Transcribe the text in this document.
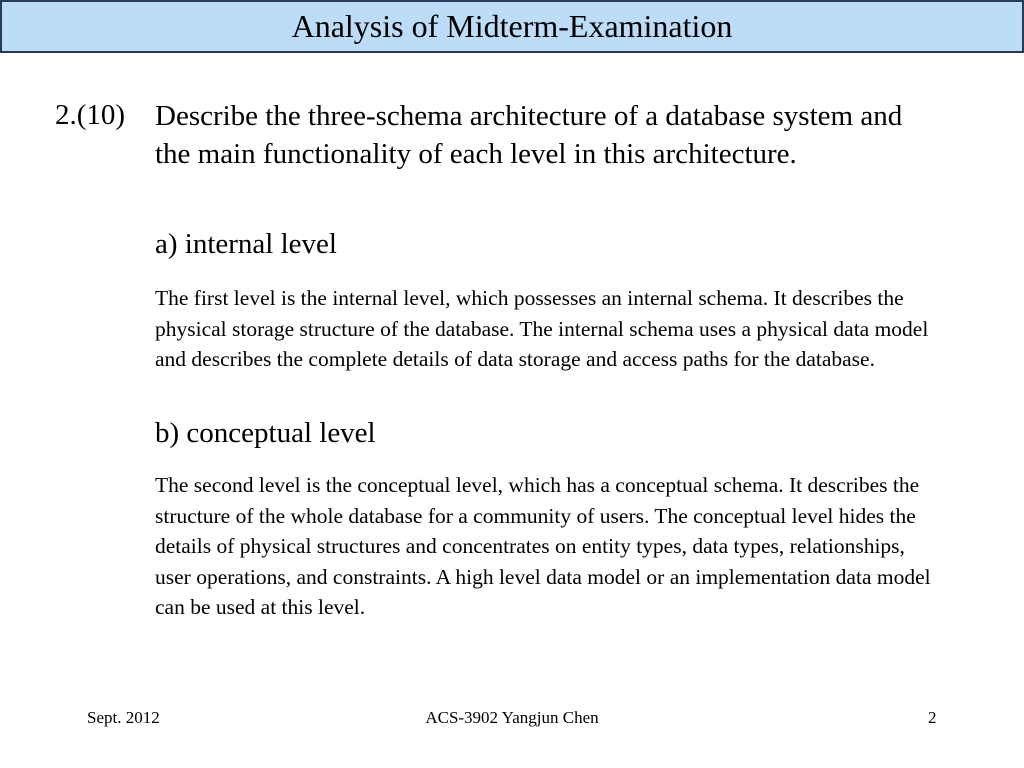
Analysis of Midterm-Examination
2.(10) Describe the three-schema architecture of a database system and the main functionality of each level in this architecture.
a) internal level
The first level is the internal level, which possesses an internal schema. It describes the physical storage structure of the database. The internal schema uses a physical data model and describes the complete details of data storage and access paths for the database.
b) conceptual level
The second level is the conceptual level, which has a conceptual schema. It describes the structure of the whole database for a community of users. The conceptual level hides the details of physical structures and concentrates on entity types, data types, relationships, user operations, and constraints. A high level data model or an implementation data model can be used at this level.
Sept. 2012	ACS-3902 Yangjun Chen	2
